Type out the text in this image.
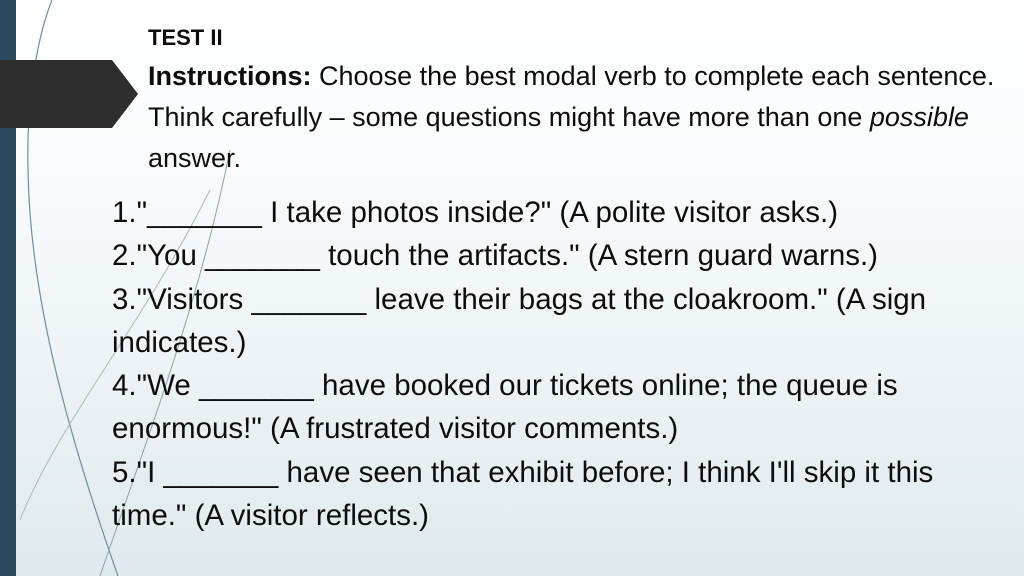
TEST II
Instructions: Choose the best modal verb to complete each sentence. Think carefully – some questions might have more than one possible answer.
1."_______ I take photos inside?" (A polite visitor asks.)
2."You _______ touch the artifacts." (A stern guard warns.)
3."Visitors _______ leave their bags at the cloakroom." (A sign indicates.)
4."We _______ have booked our tickets online; the queue is enormous!" (A frustrated visitor comments.)
5."I _______ have seen that exhibit before; I think I'll skip it this time." (A visitor reflects.)
